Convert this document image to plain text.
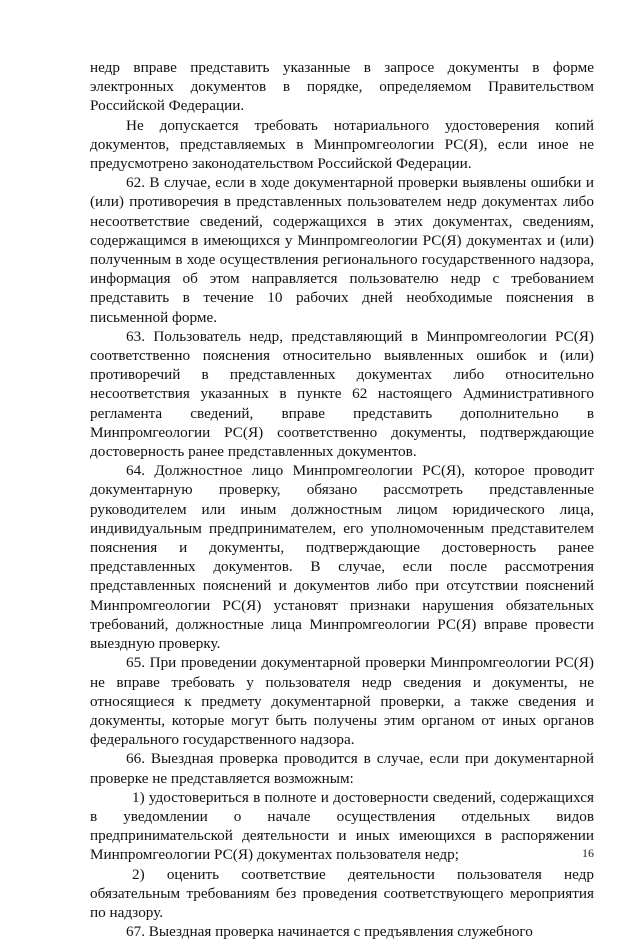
недр вправе представить указанные в запросе документы в форме электронных документов в порядке, определяемом Правительством Российской Федерации.

Не допускается требовать нотариального удостоверения копий документов, представляемых в Минпромгеологии РС(Я), если иное не предусмотрено законодательством Российской Федерации.

62. В случае, если в ходе документарной проверки выявлены ошибки и (или) противоречия в представленных пользователем недр документах либо несоответствие сведений, содержащихся в этих документах, сведениям, содержащимся в имеющихся у Минпромгеологии РС(Я) документах и (или) полученным в ходе осуществления регионального государственного надзора, информация об этом направляется пользователю недр с требованием представить в течение 10 рабочих дней необходимые пояснения в письменной форме.

63. Пользователь недр, представляющий в Минпромгеологии РС(Я) соответственно пояснения относительно выявленных ошибок и (или) противоречий в представленных документах либо относительно несоответствия указанных в пункте 62 настоящего Административного регламента сведений, вправе представить дополнительно в Минпромгеологии РС(Я) соответственно документы, подтверждающие достоверность ранее представленных документов.

64. Должностное лицо Минпромгеологии РС(Я), которое проводит документарную проверку, обязано рассмотреть представленные руководителем или иным должностным лицом юридического лица, индивидуальным предпринимателем, его уполномоченным представителем пояснения и документы, подтверждающие достоверность ранее представленных документов. В случае, если после рассмотрения представленных пояснений и документов либо при отсутствии пояснений Минпромгеологии РС(Я) установят признаки нарушения обязательных требований, должностные лица Минпромгеологии РС(Я) вправе провести выездную проверку.

65. При проведении документарной проверки Минпромгеологии РС(Я) не вправе требовать у пользователя недр сведения и документы, не относящиеся к предмету документарной проверки, а также сведения и документы, которые могут быть получены этим органом от иных органов федерального государственного надзора.

66. Выездная проверка проводится в случае, если при документарной проверке не представляется возможным:

1) удостовериться в полноте и достоверности сведений, содержащихся в уведомлении о начале осуществления отдельных видов предпринимательской деятельности и иных имеющихся в распоряжении Минпромгеологии РС(Я) документах пользователя недр;

2) оценить соответствие деятельности пользователя недр обязательным требованиям без проведения соответствующего мероприятия по надзору.

67. Выездная проверка начинается с предъявления служебного

16
